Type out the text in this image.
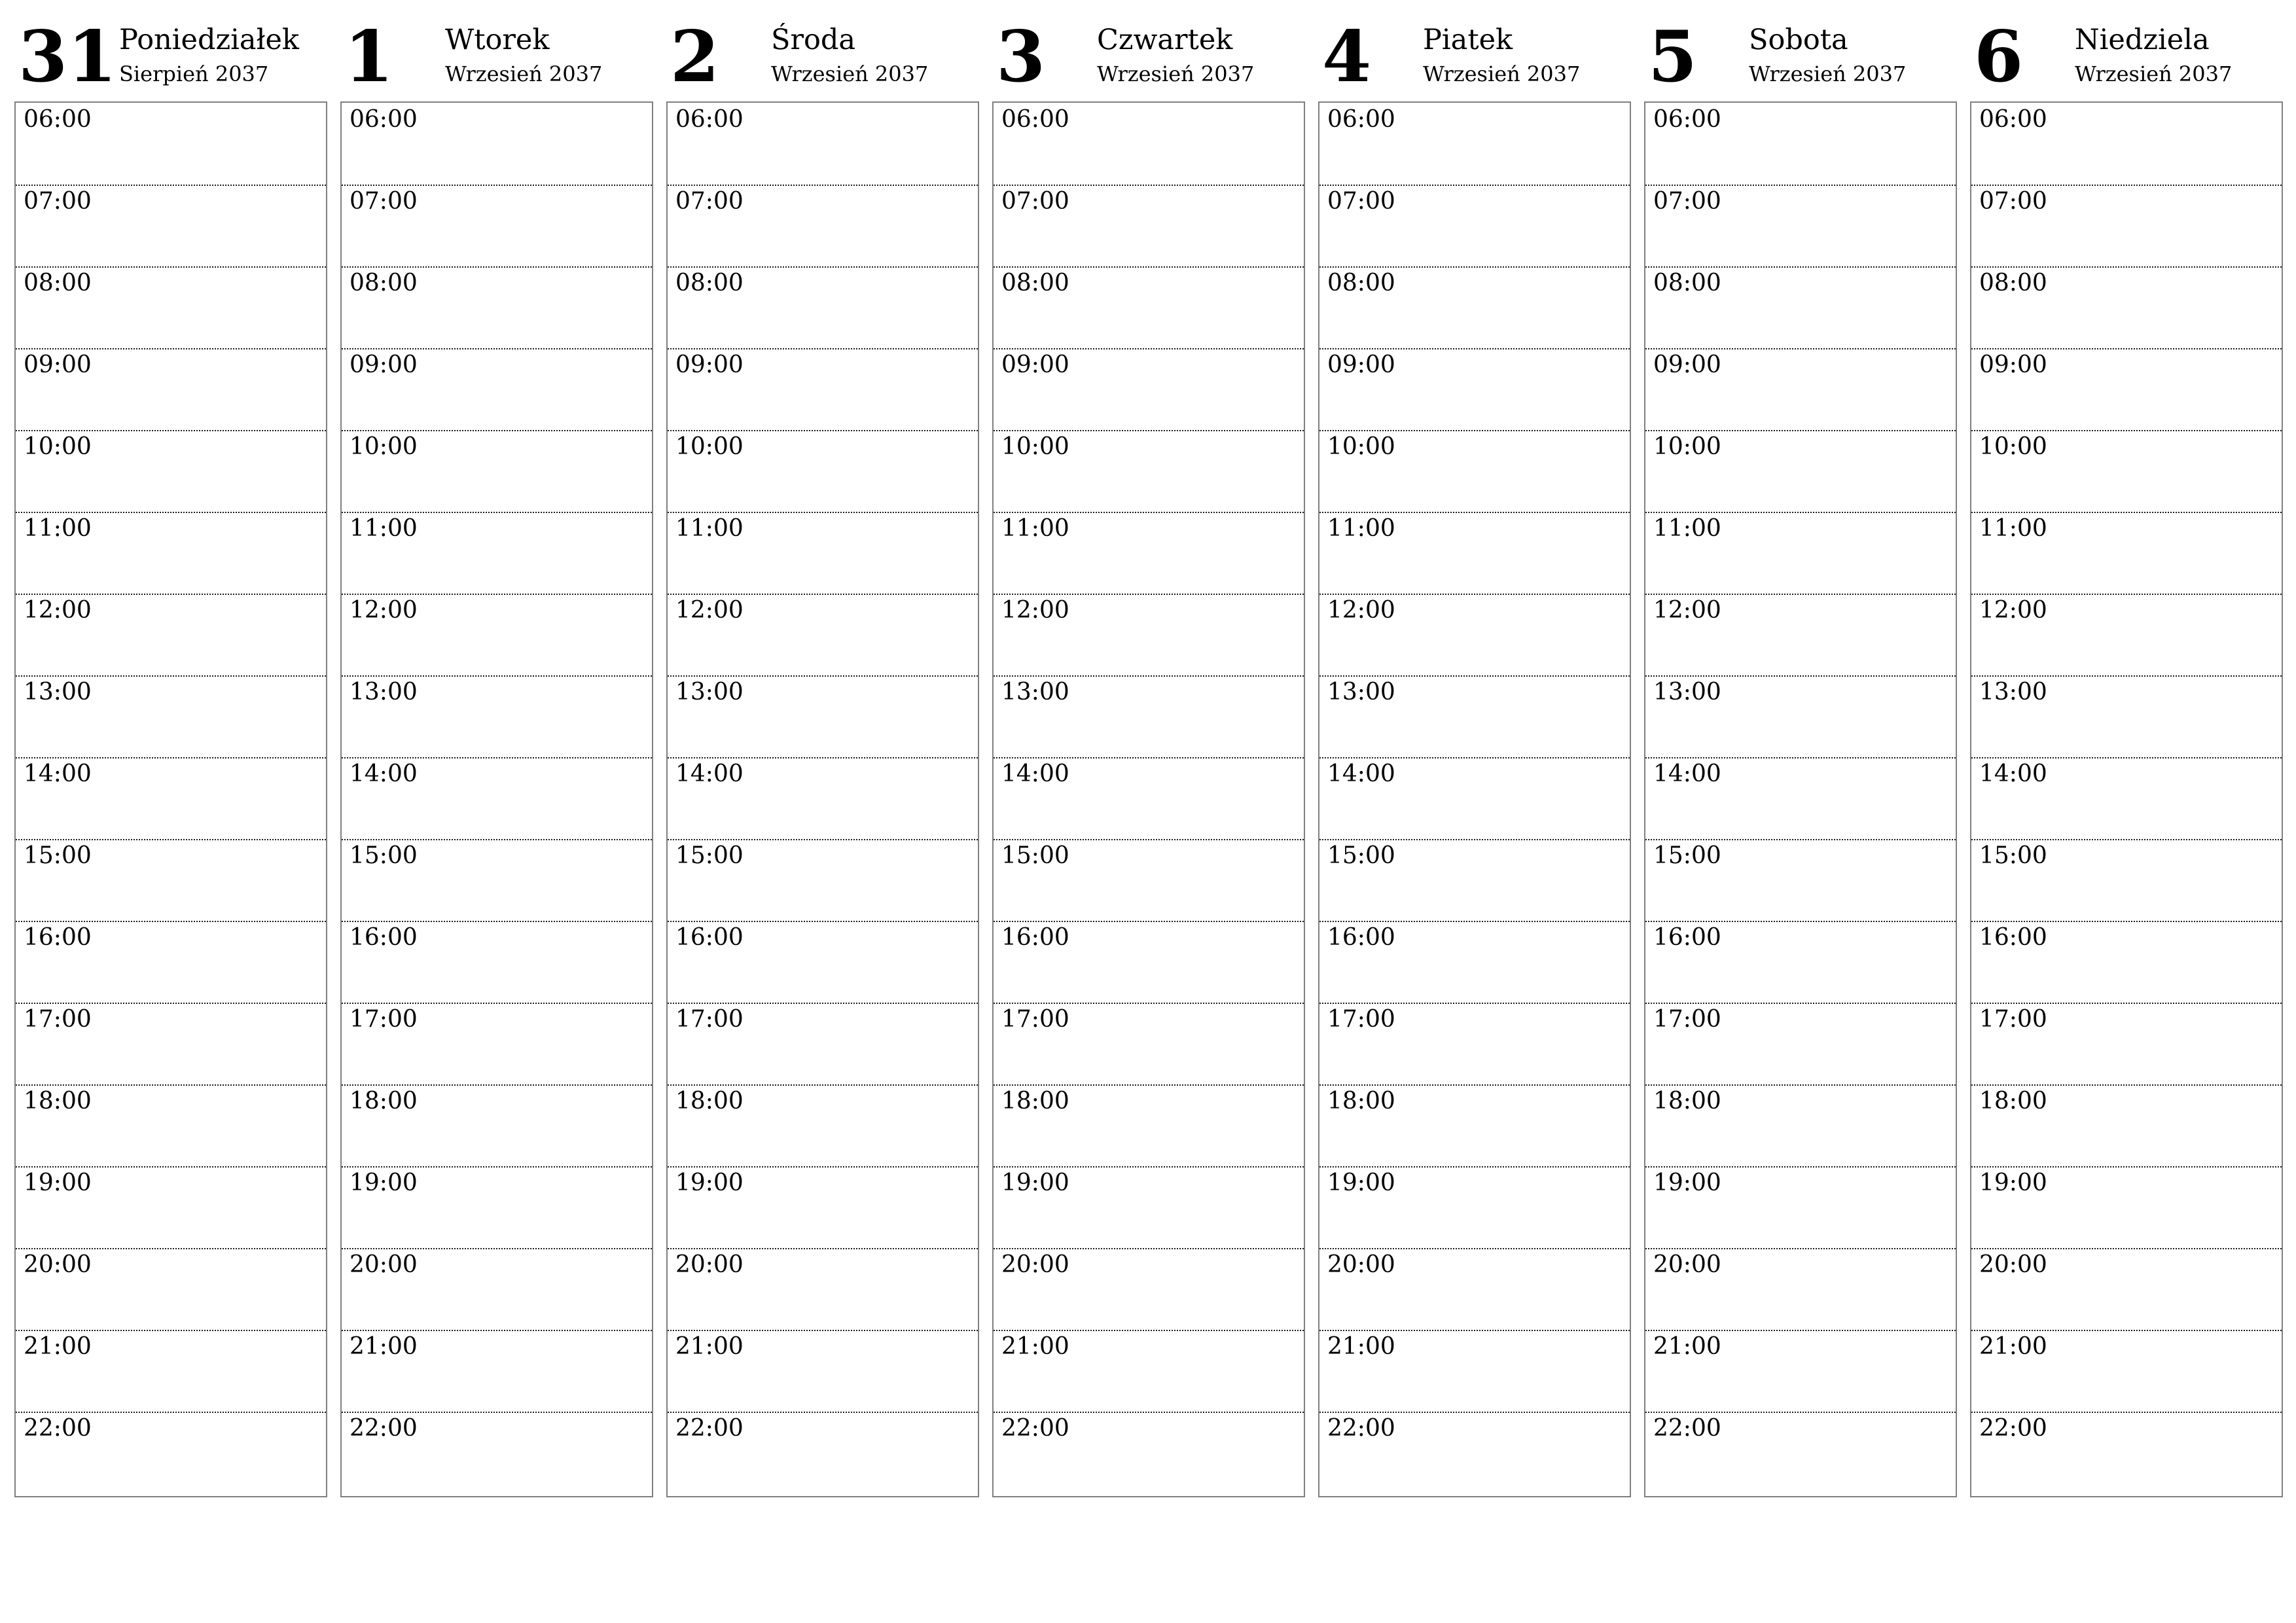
31 Poniedziałek
Sierpień 2037
06:00
07:00
08:00
09:00
10:00
11:00
12:00
13:00
14:00
15:00
16:00
17:00
18:00
19:00
20:00
21:00
22:00
1 Wtorek
Wrzesień 2037
06:00
07:00
08:00
09:00
10:00
11:00
12:00
13:00
14:00
15:00
16:00
17:00
18:00
19:00
20:00
21:00
22:00
2 Środa
Wrzesień 2037
06:00
07:00
08:00
09:00
10:00
11:00
12:00
13:00
14:00
15:00
16:00
17:00
18:00
19:00
20:00
21:00
22:00
3 Czwartek
Wrzesień 2037
06:00
07:00
08:00
09:00
10:00
11:00
12:00
13:00
14:00
15:00
16:00
17:00
18:00
19:00
20:00
21:00
22:00
4 Piatek
Wrzesień 2037
06:00
07:00
08:00
09:00
10:00
11:00
12:00
13:00
14:00
15:00
16:00
17:00
18:00
19:00
20:00
21:00
22:00
5 Sobota
Wrzesień 2037
06:00
07:00
08:00
09:00
10:00
11:00
12:00
13:00
14:00
15:00
16:00
17:00
18:00
19:00
20:00
21:00
22:00
6 Niedziela
Wrzesień 2037
06:00
07:00
08:00
09:00
10:00
11:00
12:00
13:00
14:00
15:00
16:00
17:00
18:00
19:00
20:00
21:00
22:00
